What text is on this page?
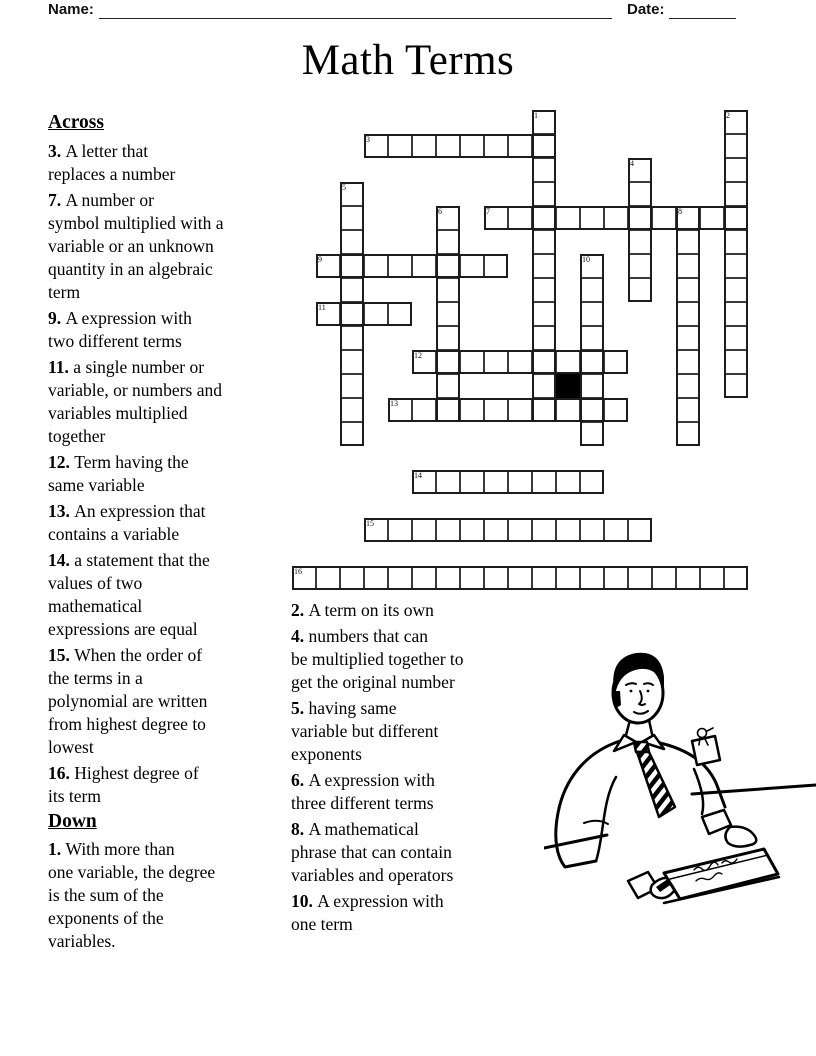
Name:	Date:
Math Terms
3
7	8
9
11
12
13
14
15
16
1	2
4
5
6
10
Across
3. A letter that
replaces a number
7. A number or
symbol multiplied with a
variable or an unknown
quantity in an algebraic
term
9. A expression with
two different terms
11. a single number or
variable, or numbers and
variables multiplied
together
12. Term having the
same variable
13. An expression that
contains a variable
14. a statement that the
values of two
mathematical
expressions are equal
15. When the order of
the terms in a
polynomial are written
from highest degree to
lowest
16. Highest degree of
its term
Down
1. With more than
one variable, the degree
is the sum of the
exponents of the
variables.
2. A term on its own
4. numbers that can
be multiplied together to
get the original number
5. having same
variable but different
exponents
6. A expression with
three different terms
8. A mathematical
phrase that can contain
variables and operators
10. A expression with
one term
